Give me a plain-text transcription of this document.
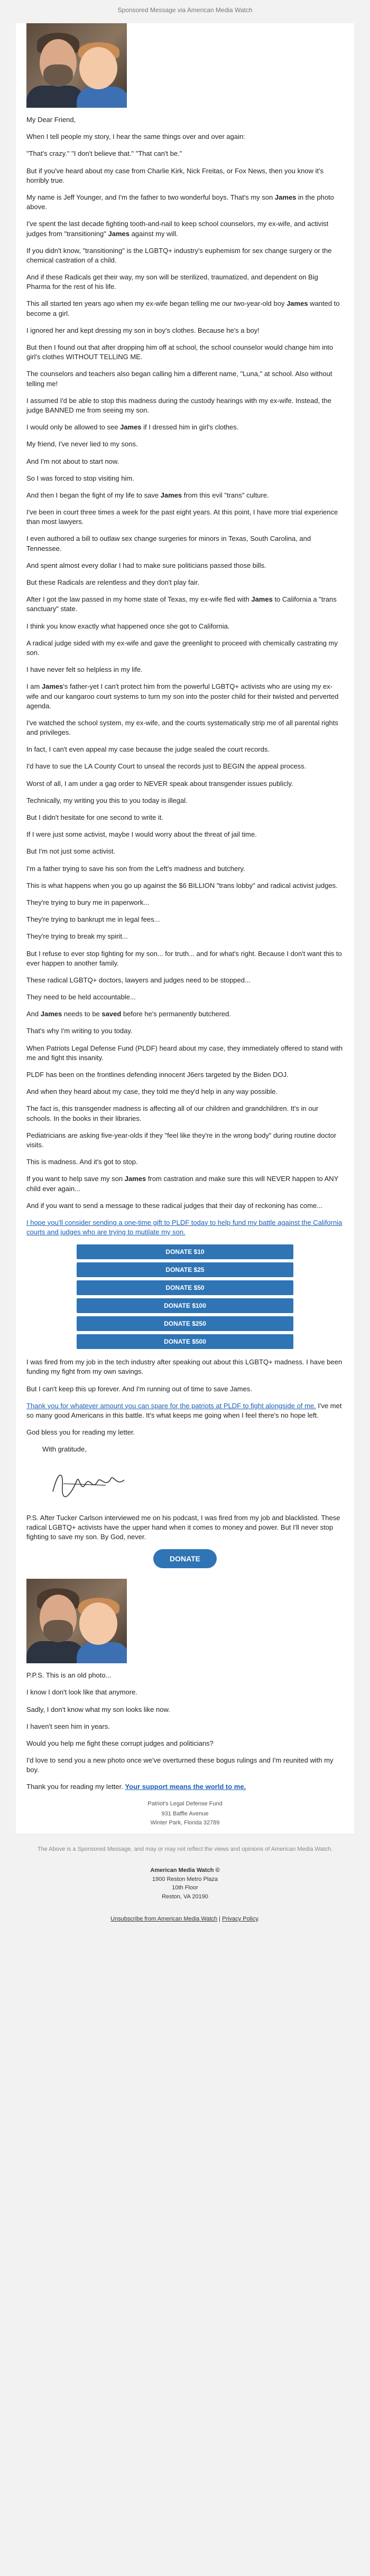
Sponsored Message via American Media Watch

My Dear Friend,

When I tell people my story, I hear the same things over and over again:

"That's crazy." "I don't believe that." "That can't be."

But if you've heard about my case from Charlie Kirk, Nick Freitas, or Fox News, then you know it's horribly true.

My name is Jeff Younger, and I'm the father to two wonderful boys. That's my son James in the photo above.

I've spent the last decade fighting tooth-and-nail to keep school counselors, my ex-wife, and activist judges from "transitioning" James against my will.

If you didn't know, "transitioning" is the LGBTQ+ industry's euphemism for sex change surgery or the chemical castration of a child.

And if these Radicals get their way, my son will be sterilized, traumatized, and dependent on Big Pharma for the rest of his life.

This all started ten years ago when my ex-wife began telling me our two-year-old boy James wanted to become a girl.

I ignored her and kept dressing my son in boy's clothes. Because he's a boy!

But then I found out that after dropping him off at school, the school counselor would change him into girl's clothes WITHOUT TELLING ME.

The counselors and teachers also began calling him a different name, "Luna," at school. Also without telling me!

I assumed I'd be able to stop this madness during the custody hearings with my ex-wife. Instead, the judge BANNED me from seeing my son.

I would only be allowed to see James if I dressed him in girl's clothes.

My friend, I've never lied to my sons.

And I'm not about to start now.

So I was forced to stop visiting him.

And then I began the fight of my life to save James from this evil "trans" culture.

I've been in court three times a week for the past eight years. At this point, I have more trial experience than most lawyers.

I even authored a bill to outlaw sex change surgeries for minors in Texas, South Carolina, and Tennessee.

And spent almost every dollar I had to make sure politicians passed those bills.

But these Radicals are relentless and they don't play fair.

After I got the law passed in my home state of Texas, my ex-wife fled with James to California a "trans sanctuary" state.

I think you know exactly what happened once she got to California.

A radical judge sided with my ex-wife and gave the greenlight to proceed with chemically castrating my son.

I have never felt so helpless in my life.

I am James's father-yet I can't protect him from the powerful LGBTQ+ activists who are using my ex-wife and our kangaroo court systems to turn my son into the poster child for their twisted and perverted agenda.

I've watched the school system, my ex-wife, and the courts systematically strip me of all parental rights and privileges.

In fact, I can't even appeal my case because the judge sealed the court records.

I'd have to sue the LA County Court to unseal the records just to BEGIN the appeal process.

Worst of all, I am under a gag order to NEVER speak about transgender issues publicly.

Technically, my writing you this to you today is illegal.

But I didn't hesitate for one second to write it.

If I were just some activist, maybe I would worry about the threat of jail time.

But I'm not just some activist.

I'm a father trying to save his son from the Left's madness and butchery.

This is what happens when you go up against the $6 BILLION "trans lobby" and radical activist judges.

They're trying to bury me in paperwork...

They're trying to bankrupt me in legal fees...

They're trying to break my spirit...

But I refuse to ever stop fighting for my son... for truth... and for what's right. Because I don't want this to ever happen to another family.

These radical LGBTQ+ doctors, lawyers and judges need to be stopped...

They need to be held accountable...

And James needs to be saved before he's permanently butchered.

That's why I'm writing to you today.

When Patriots Legal Defense Fund (PLDF) heard about my case, they immediately offered to stand with me and fight this insanity.

PLDF has been on the frontlines defending innocent J6ers targeted by the Biden DOJ.

And when they heard about my case, they told me they'd help in any way possible.

The fact is, this transgender madness is affecting all of our children and grandchildren. It's in our schools. In the books in their libraries.

Pediatricians are asking five-year-olds if they "feel like they're in the wrong body" during routine doctor visits.

This is madness. And it's got to stop.

If you want to help save my son James from castration and make sure this will NEVER happen to ANY child ever again...

And if you want to send a message to these radical judges that their day of reckoning has come...

I hope you'll consider sending a one-time gift to PLDF today to help fund my battle against the California courts and judges who are trying to mutilate my son.

DONATE $10
DONATE $25
DONATE $50
DONATE $100
DONATE $250
DONATE $500

I was fired from my job in the tech industry after speaking out about this LGBTQ+ madness. I have been funding my fight from my own savings.

But I can't keep this up forever. And I'm running out of time to save James.

Thank you for whatever amount you can spare for the patriots at PLDF to fight alongside of me. I've met so many good Americans in this battle. It's what keeps me going when I feel there's no hope left.

God bless you for reading my letter.

With gratitude,

P.S. After Tucker Carlson interviewed me on his podcast, I was fired from my job and blacklisted. These radical LGBTQ+ activists have the upper hand when it comes to money and power. But I'll never stop fighting to save my son. By God, never.

DONATE

P.P.S. This is an old photo...

I know I don't look like that anymore.

Sadly, I don't know what my son looks like now.

I haven't seen him in years.

Would you help me fight these corrupt judges and politicians?

I'd love to send you a new photo once we've overturned these bogus rulings and I'm reunited with my boy.

Thank you for reading my letter. Your support means the world to me.

Patriot's Legal Defense Fund
931 Baffle Avenue
Winter Park, Florida 32789
The Above is a Sponsored Message, and may or may not reflect the views and opinions of American Media Watch.
American Media Watch ©
1900 Reston Metro Plaza
10th Floor
Reston, VA 20190
Unsubscribe from American Media Watch | Privacy Policy.
